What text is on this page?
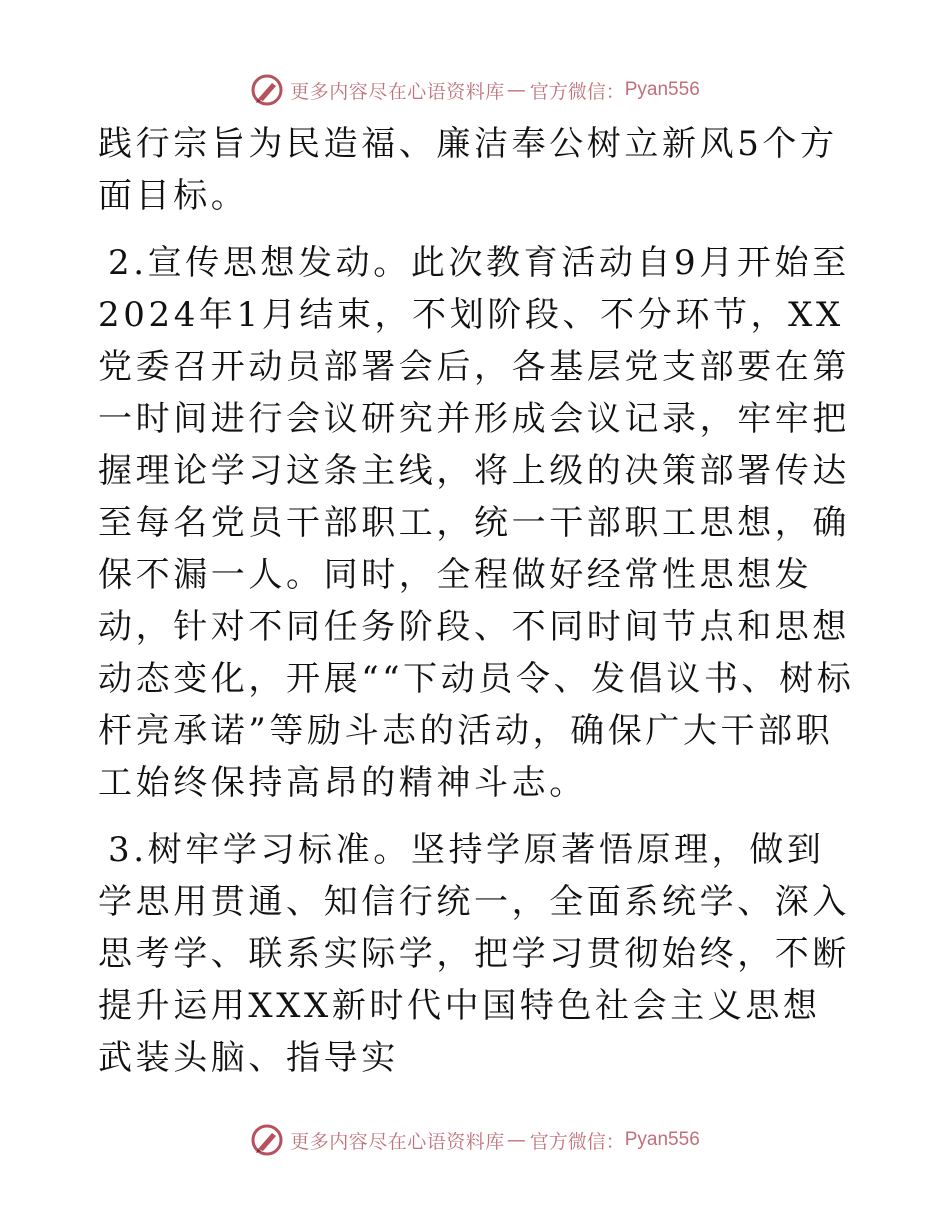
更多内容尽在心语资料库 — 官方微信： Pyan556

践行宗旨为民造福、廉洁奉公树立新风5个方面目标。

2.宣传思想发动。此次教育活动自9月开始至2024年1月结束，不划阶段、不分环节，XX党委召开动员部署会后，各基层党支部要在第一时间进行会议研究并形成会议记录，牢牢把握理论学习这条主线，将上级的决策部署传达至每名党员干部职工，统一干部职工思想，确保不漏一人。同时，全程做好经常性思想发动，针对不同任务阶段、不同时间节点和思想动态变化，开展““下动员令、发倡议书、树标杆亮承诺”等励斗志的活动，确保广大干部职工始终保持高昂的精神斗志。

3.树牢学习标准。坚持学原著悟原理，做到学思用贯通、知信行统一，全面系统学、深入思考学、联系实际学，把学习贯彻始终，不断提升运用XXX新时代中国特色社会主义思想武装头脑、指导实

更多内容尽在心语资料库 — 官方微信： Pyan556
